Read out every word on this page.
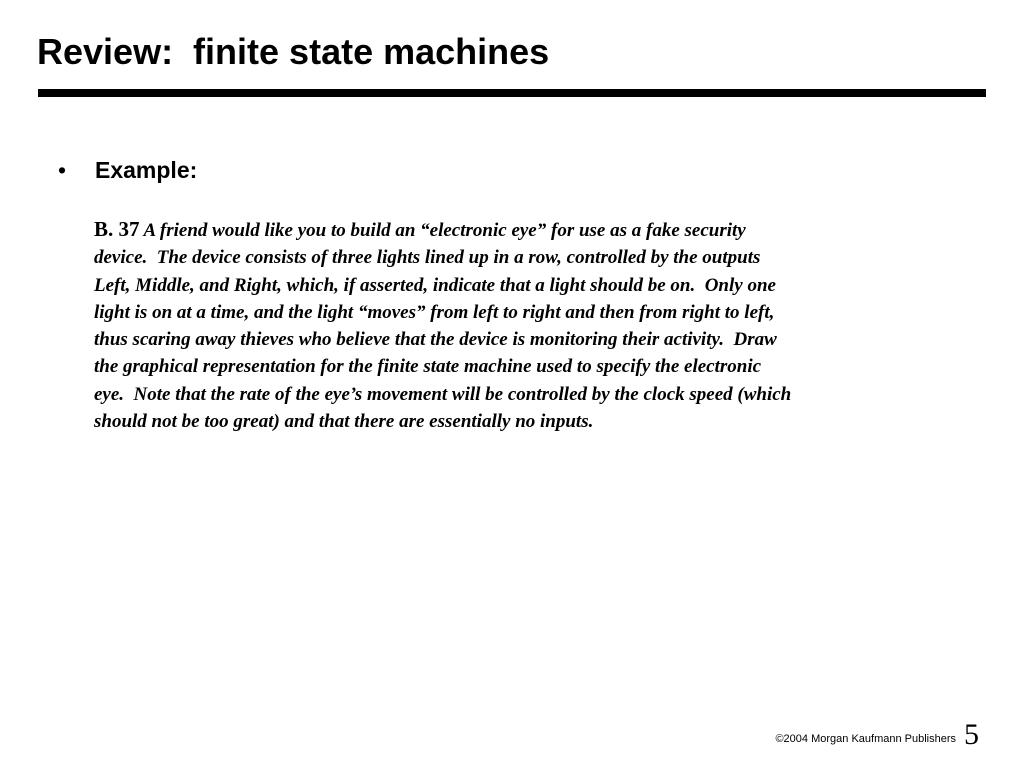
Review:  finite state machines
• Example:

B. 37 A friend would like you to build an “electronic eye” for use as a fake security
device.  The device consists of three lights lined up in a row, controlled by the outputs
Left, Middle, and Right, which, if asserted, indicate that a light should be on.  Only one
light is on at a time, and the light “moves” from left to right and then from right to left,
thus scaring away thieves who believe that the device is monitoring their activity.  Draw
the graphical representation for the finite state machine used to specify the electronic
eye.  Note that the rate of the eye’s movement will be controlled by the clock speed (which
should not be too great) and that there are essentially no inputs.

©2004 Morgan Kaufmann Publishers 5
